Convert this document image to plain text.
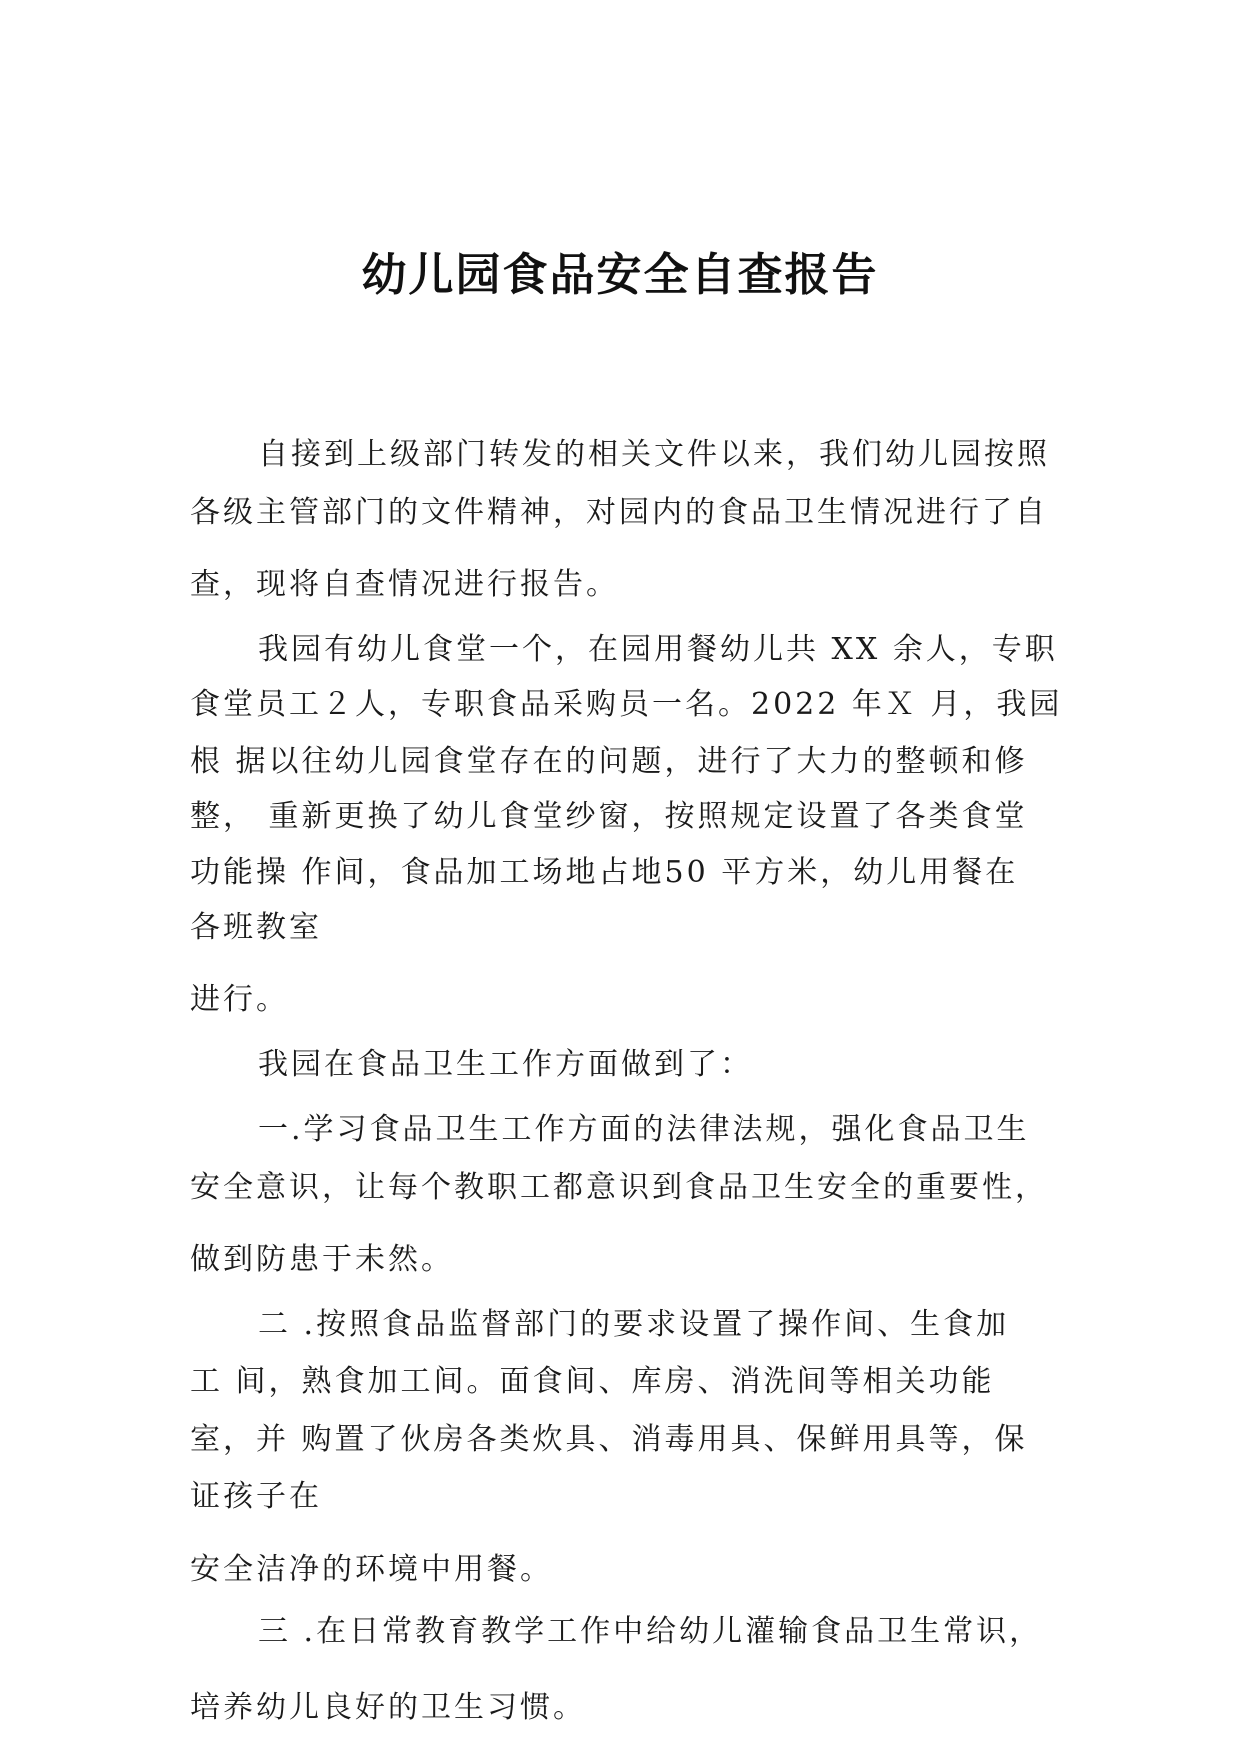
幼儿园食品安全自查报告
自接到上级部门转发的相关文件以来，我们幼儿园按照
各级主管部门的文件精神，对园内的食品卫生情况进行了自
查，现将自查情况进行报告。
我园有幼儿食堂一个，在园用餐幼儿共 XX 余人，专职
食堂员工２人，专职食品采购员一名。2022 年Ｘ 月，我园
根 据以往幼儿园食堂存在的问题，进行了大力的整顿和修
整， 重新更换了幼儿食堂纱窗，按照规定设置了各类食堂
功能操 作间，食品加工场地占地50 平方米，幼儿用餐在
各班教室
进行。
我园在食品卫生工作方面做到了：
一.学习食品卫生工作方面的法律法规，强化食品卫生
安全意识，让每个教职工都意识到食品卫生安全的重要性，
做到防患于未然。
二 .按照食品监督部门的要求设置了操作间、生食加
工 间，熟食加工间。面食间、库房、消洗间等相关功能
室，并 购置了伙房各类炊具、消毒用具、保鲜用具等，保
证孩子在
安全洁净的环境中用餐。
三 .在日常教育教学工作中给幼儿灌输食品卫生常识，
培养幼儿良好的卫生习惯。
